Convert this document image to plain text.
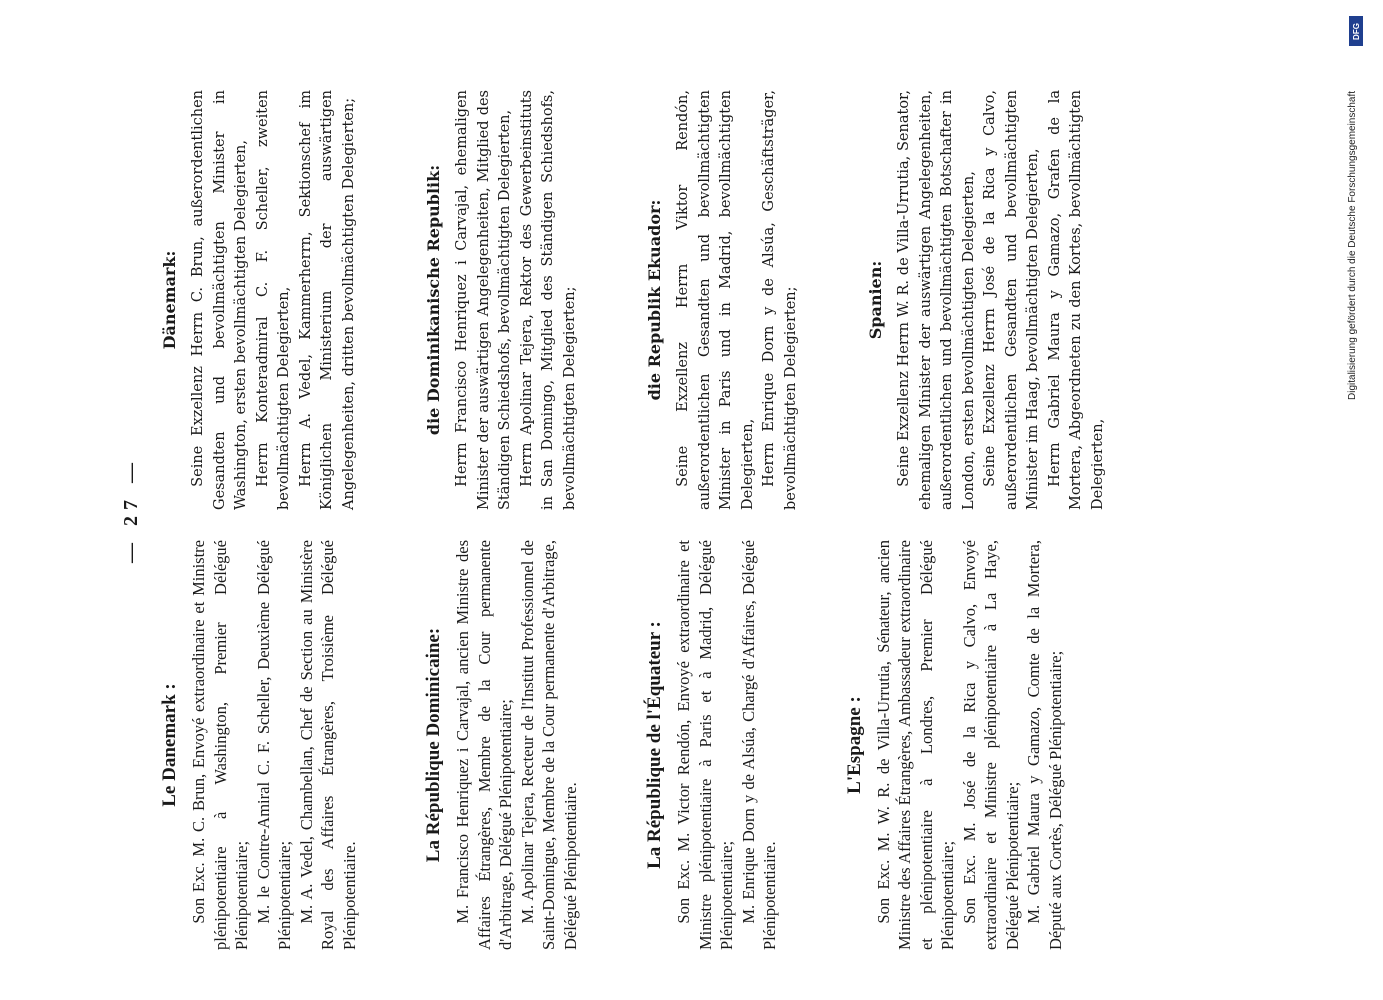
— 27 —
Le Danemark : Son Exc. M. C. Brun, Envoyé extraordinaire et Ministre plénipotentiaire à Washington, Premier Délégué Plénipotentiaire; M. le Contre-Amiral C. F. Scheller, Deuxième Délégué Plénipotentiaire; M. A. Vedel, Chambellan, Chef de Section au Ministère Royal des Affaires Étrangères, Troisième Délégué Plénipotentiaire.

La République Dominicaine: M. Francisco Henriquez i Carvajal, ancien Ministre des Affaires Étrangères, Membre de la Cour permanente d'Arbitrage, Délégué Plénipotentiaire; M. Apolinar Tejera, Recteur de l'Institut Professionnel de Saint-Domingue, Membre de la Cour permanente d'Arbitrage, Délégué Plénipotentiaire.	La République de l'Équateur : Son Exc. M. Victor Rendón, Envoyé extraordinaire et Ministre plénipotentiaire à Paris et à Madrid, Délégué Plénipotentiaire; M. Enrique Dorn y de Alsúa, Chargé d'Affaires, Délégué Plénipotentiaire.

L'Espagne : Son Exc. M. W. R. de Villa-Urrutia, Sénateur, ancien Ministre des Affaires Étrangères, Ambassadeur extraordinaire et plénipotentiaire à Londres, Premier Délégué Plénipotentiaire; Son Exc. M. José de la Rica y Calvo, Envoyé extraordinaire et Ministre plénipotentiaire à La Haye, Délégué Plénipotentiaire; M. Gabriel Maura y Gamazo, Comte de la Mortera, Député aux Cortès, Délégué Plénipotentiaire;

Dänemark: Seine Exzellenz Herrn C. Brun, außerordentlichen Gesandten und bevollmächtigten Minister in Washington, ersten bevollmächtigten Delegierten, Herrn Konteradmiral C. F. Scheller, zweiten bevollmächtigten Delegierten, Herrn A. Vedel, Kammerherrn, Sektionschef im Königlichen Ministerium der auswärtigen Angelegenheiten, dritten bevollmächtigten Delegierten;	die Dominikanische Republik: Herrn Francisco Henriquez i Carvajal, ehemaligen Minister der auswärtigen Angelegenheiten, Mitglied des Ständigen Schiedshofs, bevollmächtigten Delegierten, Herrn Apolinar Tejera, Rektor des Gewerbeinstituts in San Domingo, Mitglied des Ständigen Schiedshofs, bevollmächtigten Delegierten;	die Republik Ekuador: Seine Exzellenz Herrn Viktor Rendón, außerordentlichen Gesandten und bevollmächtigten Minister in Paris und in Madrid, bevollmächtigten Delegierten, Herrn Enrique Dorn y de Alsúa, Geschäftsträger, bevollmächtigten Delegierten;	Spanien: Seine Exzellenz Herrn W. R. de Villa-Urrutia, Senator, ehemaligen Minister der auswärtigen Angelegenheiten, außerordentlichen und bevollmächtigten Botschafter in London, ersten bevollmächtigten Delegierten, Seine Exzellenz Herrn José de la Rica y Calvo, außerordentlichen Gesandten und bevollmächtigten Minister im Haag, bevollmächtigten Delegierten, Herrn Gabriel Maura y Gamazo, Grafen de la Mortera, Abgeordneten zu den Kortes, bevollmächtigten Delegierten,

DFG
Digitalisierung gefördert durch die Deutsche Forschungsgemeinschaft
